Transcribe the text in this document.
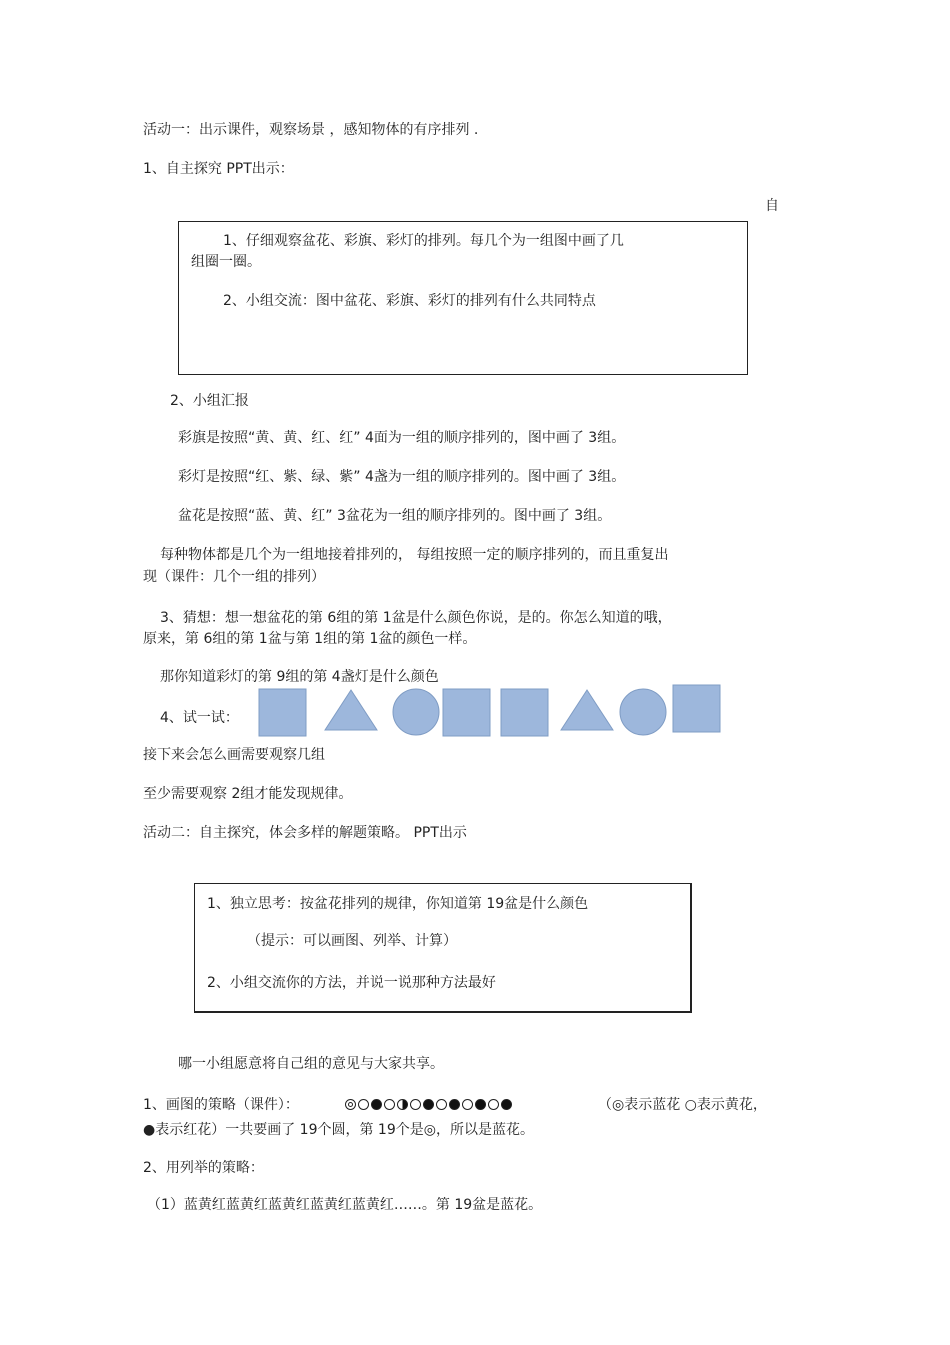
活动一：出示课件，观察场景 ，感知物体的有序排列 .
1、自主探究 PPT出示：
自
1、仔细观察盆花、彩旗、彩灯的排列。每几个为一组图中画了几
组圈一圈。
2、小组交流：图中盆花、彩旗、彩灯的排列有什么共同特点
2、小组汇报
彩旗是按照“黄、黄、红、红” 4面为一组的顺序排列的，图中画了 3组。
彩灯是按照“红、紫、绿、紫” 4盏为一组的顺序排列的。图中画了 3组。
盆花是按照“蓝、黄、红” 3盆花为一组的顺序排列的。图中画了 3组。
每种物体都是几个为一组地接着排列的， 每组按照一定的顺序排列的，而且重复出
现（课件：几个一组的排列）
3、猜想：想一想盆花的第 6组的第 1盆是什么颜色你说，是的。你怎么知道的哦，
原来，第 6组的第 1盆与第 1组的第 1盆的颜色一样。
那你知道彩灯的第 9组的第 4盏灯是什么颜色
4、试一试：
接下来会怎么画需要观察几组
至少需要观察 2组才能发现规律。
活动二：自主探究，体会多样的解题策略。 PPT出示
1、独立思考：按盆花排列的规律，你知道第 19盆是什么颜色
（提示：可以画图、列举、计算）
2、小组交流你的方法，并说一说那种方法最好
哪一小组愿意将自己组的意见与大家共享。
1、画图的策略（课件）：	（◎表示蓝花 ○表示黄花，
●表示红花）一共要画了 19个圆，第 19个是◎，所以是蓝花。
2、用列举的策略：
（1）蓝黄红蓝黄红蓝黄红蓝黄红蓝黄红……。第 19盆是蓝花。
